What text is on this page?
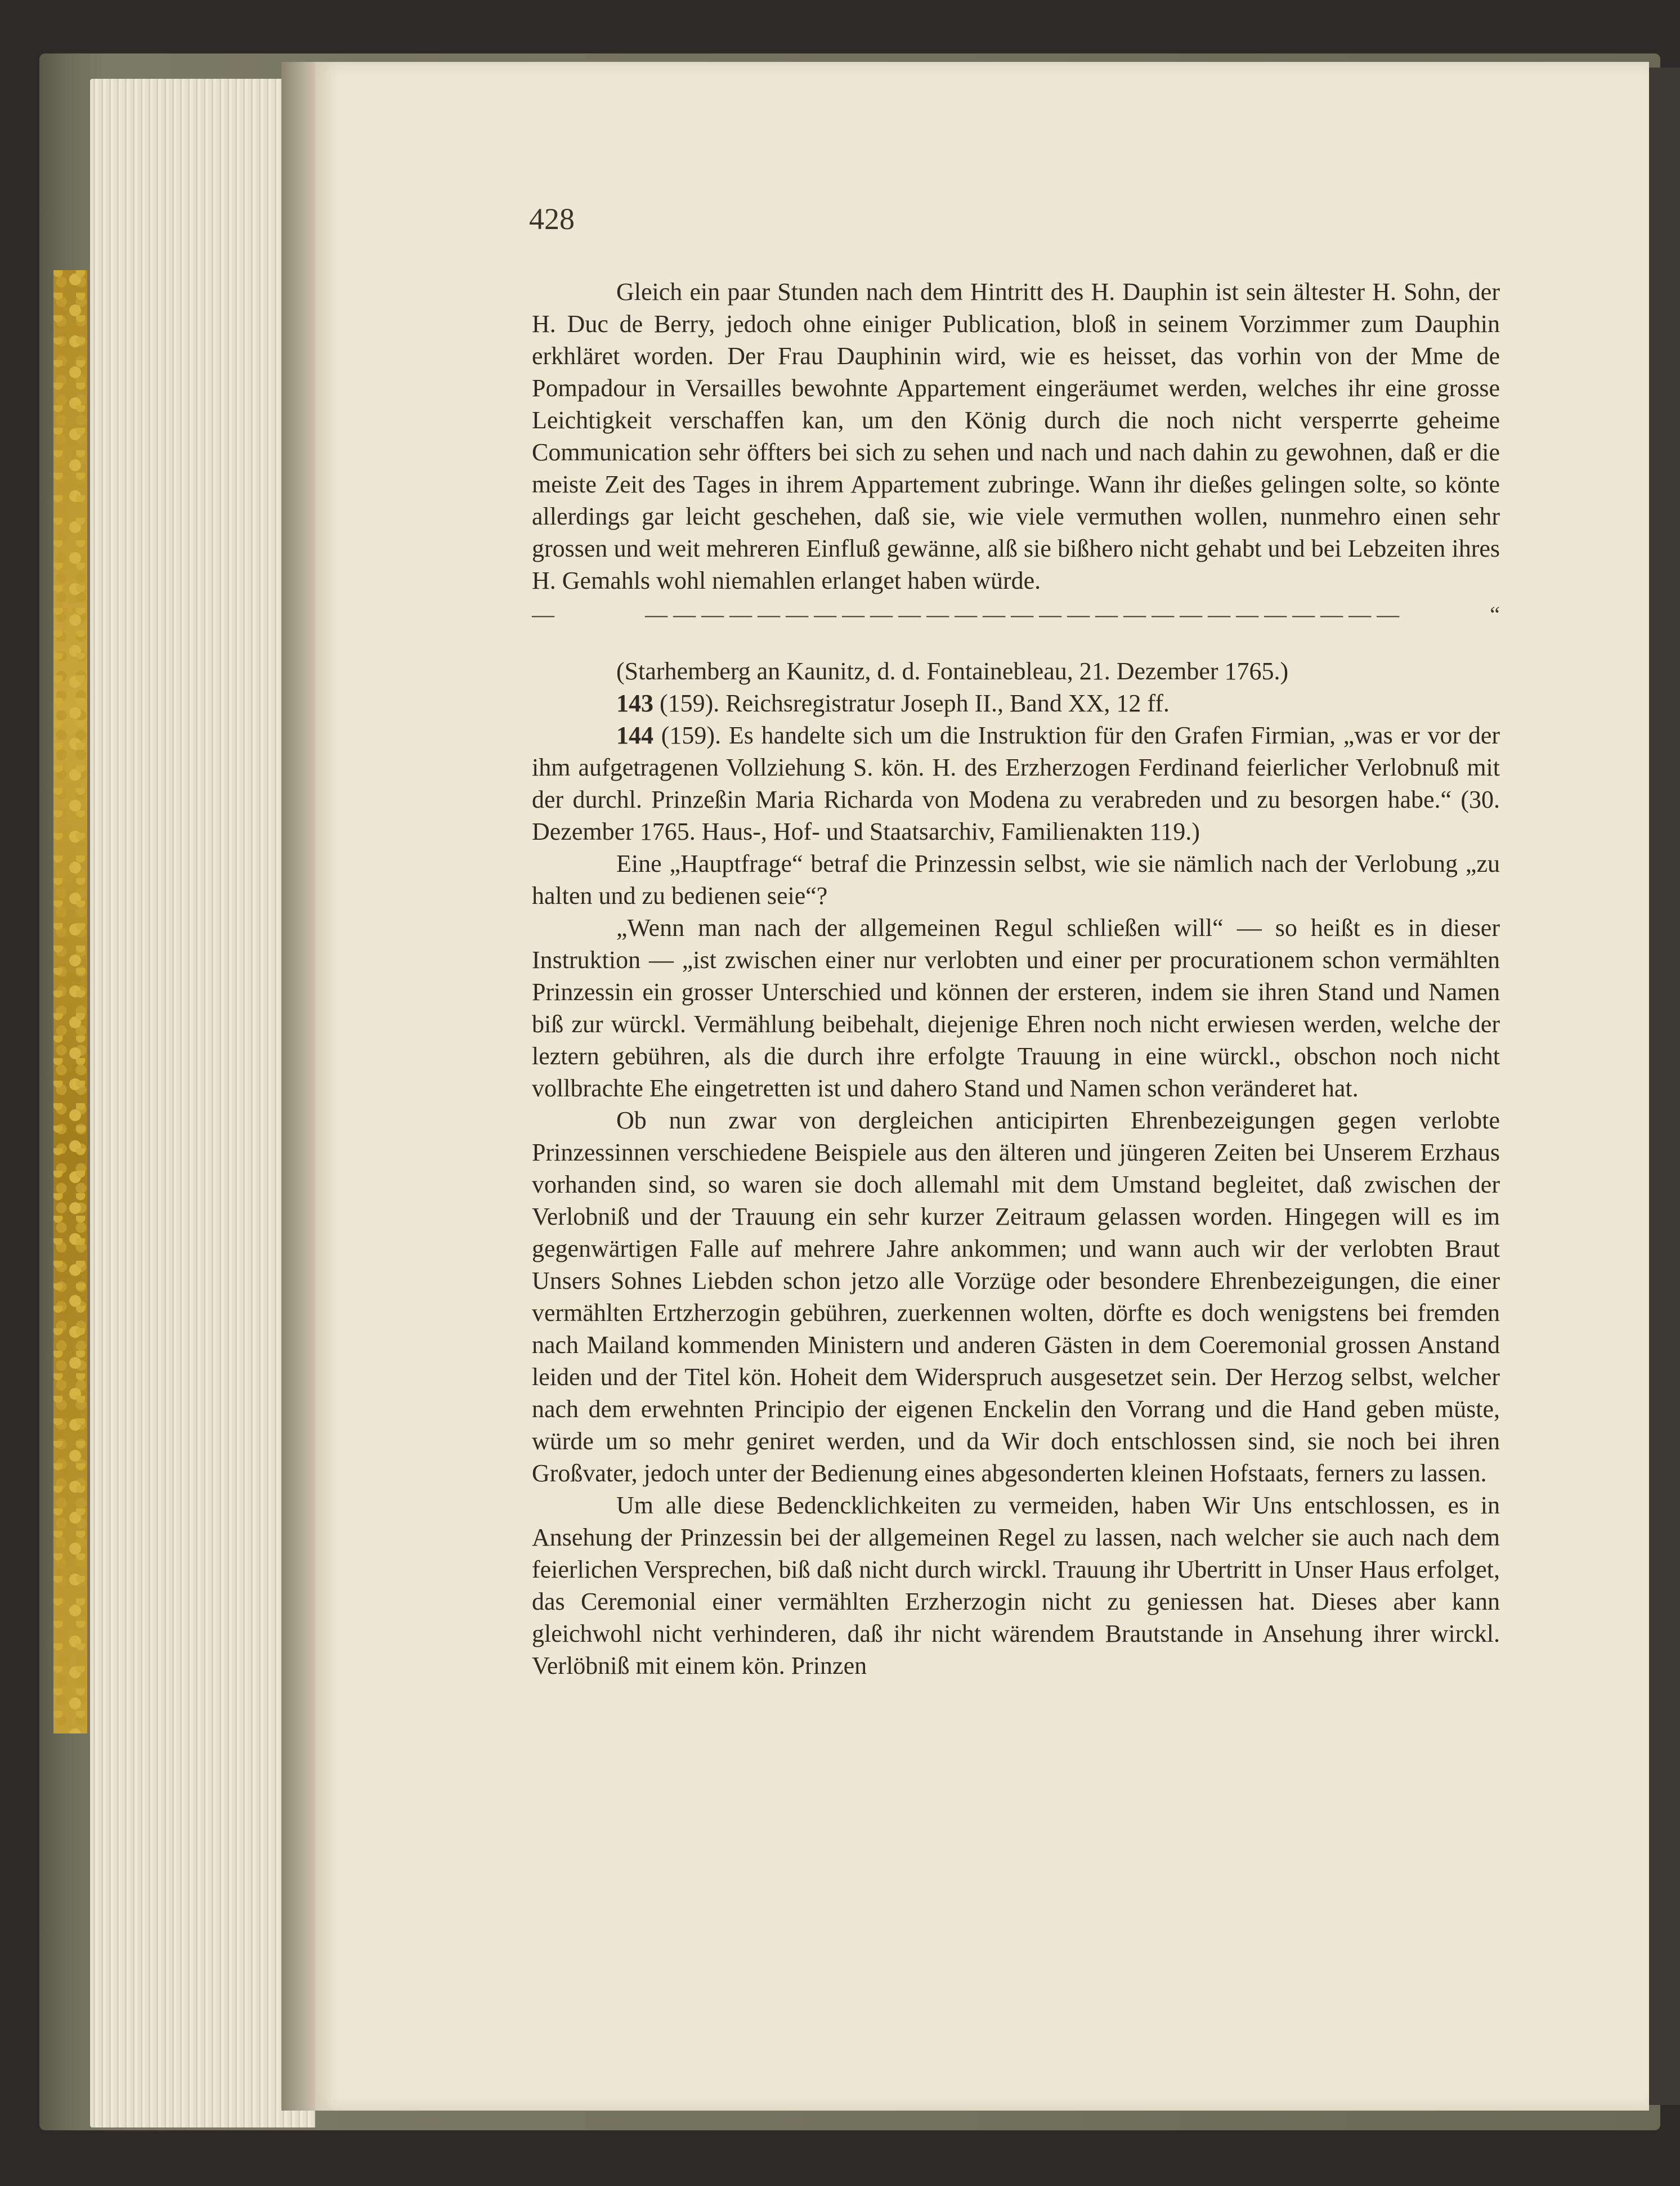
428

Gleich ein paar Stunden nach dem Hintritt des H. Dauphin ist sein ältester H. Sohn, der H. Duc de Berry, jedoch ohne einiger Publication, bloß in seinem Vorzimmer zum Dauphin erkhläret worden. Der Frau Dauphinin wird, wie es heisset, das vorhin von der Mme de Pompadour in Versailles bewohnte Appartement eingeräumet werden, welches ihr eine grosse Leichtigkeit verschaffen kan, um den König durch die noch nicht versperrte geheime Communication sehr öffters bei sich zu sehen und nach und nach dahin zu gewohnen, daß er die meiste Zeit des Tages in ihrem Appartement zubringe. Wann ihr dießes gelingen solte, so könte allerdings gar leicht geschehen, daß sie, wie viele vermuthen wollen, nunmehro einen sehr grossen und weit mehreren Einfluß gewänne, alß sie bißhero nicht gehabt und bei Lebzeiten ihres H. Gemahls wohl niemahlen erlanget haben würde.

—	— — — — — — — — — — — — — — — — — — — — — — — — — — —	“

(Starhemberg an Kaunitz, d. d. Fontainebleau, 21. Dezember 1765.)

143 (159). Reichsregistratur Joseph II., Band XX, 12 ff.

144 (159). Es handelte sich um die Instruktion für den Grafen Firmian, „was er vor der ihm aufgetragenen Vollziehung S. kön. H. des Erzherzogen Ferdinand feierlicher Verlobnuß mit der durchl. Prinzeßin Maria Richarda von Modena zu verabreden und zu besorgen habe.“ (30. Dezember 1765. Haus-, Hof- und Staatsarchiv, Familienakten 119.)

Eine „Hauptfrage“ betraf die Prinzessin selbst, wie sie nämlich nach der Verlobung „zu halten und zu bedienen seie“?

„Wenn man nach der allgemeinen Regul schließen will“ — so heißt es in dieser Instruktion — „ist zwischen einer nur verlobten und einer per procurationem schon vermählten Prinzessin ein grosser Unterschied und können der ersteren, indem sie ihren Stand und Namen biß zur würckl. Vermählung beibehalt, diejenige Ehren noch nicht erwiesen werden, welche der leztern gebühren, als die durch ihre erfolgte Trauung in eine würckl., obschon noch nicht vollbrachte Ehe eingetretten ist und dahero Stand und Namen schon veränderet hat.

Ob nun zwar von dergleichen anticipirten Ehrenbezeigungen gegen verlobte Prinzessinnen verschiedene Beispiele aus den älteren und jüngeren Zeiten bei Unserem Erzhaus vorhanden sind, so waren sie doch allemahl mit dem Umstand begleitet, daß zwischen der Verlobniß und der Trauung ein sehr kurzer Zeitraum gelassen worden. Hingegen will es im gegenwärtigen Falle auf mehrere Jahre ankommen; und wann auch wir der verlobten Braut Unsers Sohnes Liebden schon jetzo alle Vorzüge oder besondere Ehrenbezeigungen, die einer vermählten Ertzherzogin gebühren, zuerkennen wolten, dörfte es doch wenigstens bei fremden nach Mailand kommenden Ministern und anderen Gästen in dem Coeremonial grossen Anstand leiden und der Titel kön. Hoheit dem Widerspruch ausgesetzet sein. Der Herzog selbst, welcher nach dem erwehnten Principio der eigenen Enckelin den Vorrang und die Hand geben müste, würde um so mehr geniret werden, und da Wir doch entschlossen sind, sie noch bei ihren Großvater, jedoch unter der Bedienung eines abgesonderten kleinen Hofstaats, ferners zu lassen.

Um alle diese Bedencklichkeiten zu vermeiden, haben Wir Uns entschlossen, es in Ansehung der Prinzessin bei der allgemeinen Regel zu lassen, nach welcher sie auch nach dem feierlichen Versprechen, biß daß nicht durch wirckl. Trauung ihr Ubertritt in Unser Haus erfolget, das Ceremonial einer vermählten Erzherzogin nicht zu geniessen hat. Dieses aber kann gleichwohl nicht verhinderen, daß ihr nicht wärendem Brautstande in Ansehung ihrer wirckl. Verlöbniß mit einem kön. Prinzen
